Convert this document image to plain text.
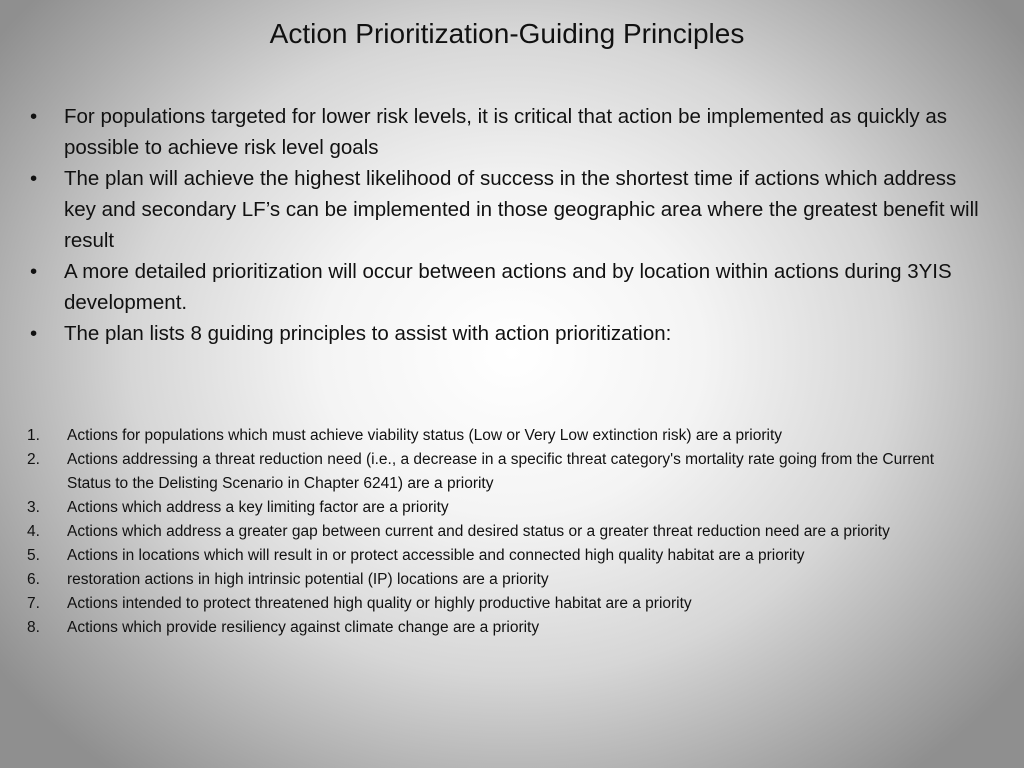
Action Prioritization-Guiding Principles
•	For populations targeted for lower risk levels, it is critical that action be implemented as quickly as possible to achieve risk level goals
•	The plan will achieve the highest likelihood of success in the shortest time if actions which address key and secondary LF’s can be implemented in those geographic area where the greatest benefit will result
•	A more detailed prioritization will occur between actions and by location within actions during 3YIS development.
•	The plan lists 8 guiding principles to assist with action prioritization:
1.	Actions for populations which must achieve viability status (Low or Very Low extinction risk) are a priority
2.	Actions addressing a threat reduction need (i.e., a decrease in a specific threat category's mortality rate going from the Current Status to the Delisting Scenario in Chapter 6241) are a priority
3.	Actions which address a key limiting factor are a priority
4.	Actions which address a greater gap between current and desired status or a greater threat reduction need are a priority
5.	Actions in locations which will result in or protect accessible and connected high quality habitat are a priority
6.	restoration actions in high intrinsic potential (IP) locations are a priority
7.	Actions intended to protect threatened high quality or highly productive habitat are a priority
8.	Actions which provide resiliency against climate change are a priority
